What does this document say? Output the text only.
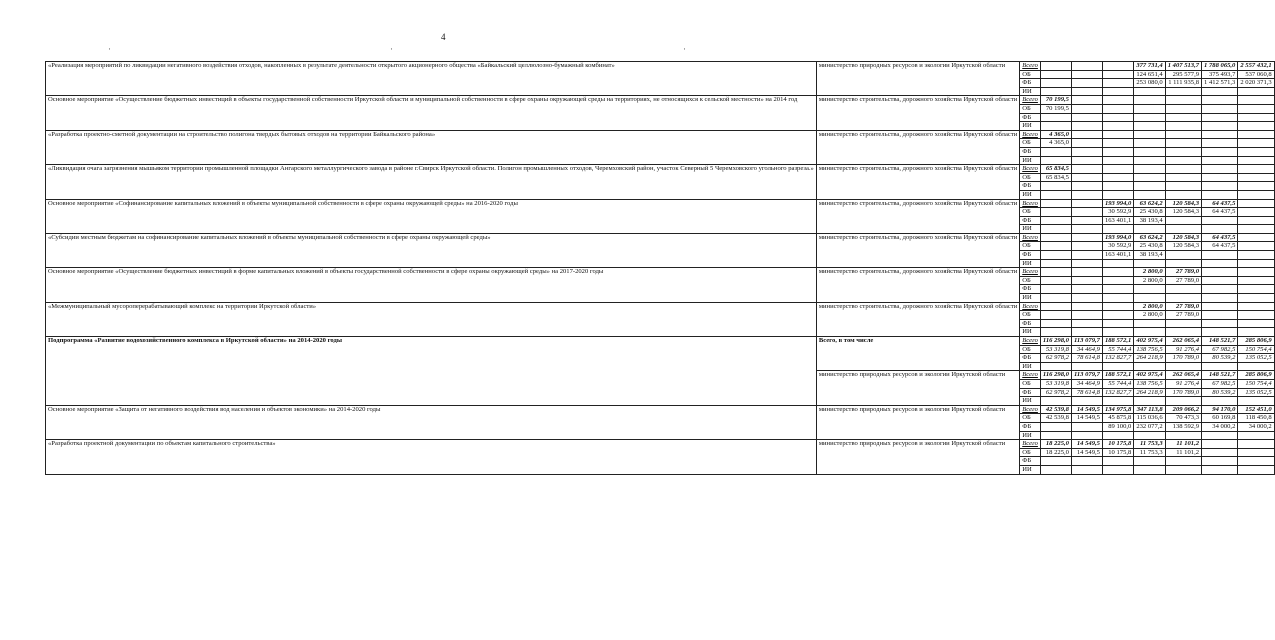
4
·	·	·
«Реализация мероприятий по ликвидации негативного воздействия отходов, накопленных в результате деятельности открытого акционерного общества «Байкальский целлюлозно-бумажный комбинат»	министерство природных ресурсов и экологии Иркутской области	Всего				377 731,4	1 407 513,7	1 788 065,0	2 557 432,1
		ОБ				124 651,4	295 577,9	375 493,7	537 060,8
		ФБ				253 080,0	1 111 935,8	1 412 571,3	2 020 371,3
		ИИ							
Основное мероприятие «Осуществление бюджетных инвестиций в объекты государственной собственности Иркутской области и муниципальной собственности в сфере охраны окружающей среды на территориях, не относящихся к сельской местности» на 2014 год	министерство строительства, дорожного хозяйства Иркутской области	Всего	70 199,5						
		ОБ	70 199,5						
		ФБ							
		ИИ							
«Разработка проектно-сметной документации на строительство полигона твердых бытовых отходов на территории Байкальского района»	министерство строительства, дорожного хозяйства Иркутской области	Всего	4 365,0						
		ОБ	4 365,0						
		ФБ							
		ИИ							
«Ликвидация очага загрязнения мышьяком территории промышленной площадки Ангарского металлургического завода в районе г.Свирск Иркутской области. Полигон промышленных отходов, Черемховский район, участок Северный 5 Черемховского угольного разреза.»	министерство строительства, дорожного хозяйства Иркутской области	Всего	65 834,5						
		ОБ	65 834,5						
		ФБ							
		ИИ							
Основное мероприятие «Софинансирование капитальных вложений в объекты муниципальной собственности в сфере охраны окружающей среды» на 2016-2020 годы	министерство строительства, дорожного хозяйства Иркутской области	Всего			193 994,0	63 624,2	120 584,3	64 437,5	
		ОБ			30 592,9	25 430,8	120 584,3	64 437,5	
		ФБ			163 401,1	38 193,4			
		ИИ							
«Субсидии местным бюджетам на софинансирование капитальных вложений в объекты муниципальной собственности в сфере охраны окружающей среды»	министерство строительства, дорожного хозяйства Иркутской области	Всего			193 994,0	63 624,2	120 584,3	64 437,5	
		ОБ			30 592,9	25 430,8	120 584,3	64 437,5	
		ФБ			163 401,1	38 193,4			
		ИИ							
Основное мероприятие «Осуществление бюджетных инвестиций в форме капитальных вложений в объекты государственной собственности в сфере охраны окружающей среды» на 2017-2020 годы	министерство строительства, дорожного хозяйства Иркутской области	Всего				2 800,0	27 789,0		
		ОБ				2 800,0	27 789,0		
		ФБ							
		ИИ							
«Межмуниципальный мусороперерабатывающий комплекс на территории Иркутской области»	министерство строительства, дорожного хозяйства Иркутской области	Всего				2 800,0	27 789,0		
		ОБ				2 800,0	27 789,0		
		ФБ							
		ИИ							
Подпрограмма «Развитие водохозяйственного комплекса в Иркутской области» на 2014-2020 годы	Всего, в том числе	Всего	116 298,0	113 079,7	188 572,1	402 975,4	262 065,4	148 521,7	285 806,9
		ОБ	53 319,8	34 464,9	55 744,4	138 756,5	91 276,4	67 982,5	150 754,4
		ФБ	62 978,2	78 614,8	132 827,7	264 218,9	170 789,0	80 539,2	135 052,5
		ИИ							
	министерство природных ресурсов и экологии Иркутской области	Всего	116 298,0	113 079,7	188 572,1	402 975,4	262 065,4	148 521,7	285 806,9
		ОБ	53 319,8	34 464,9	55 744,4	138 756,5	91 276,4	67 982,5	150 754,4
		ФБ	62 978,2	78 614,8	132 827,7	264 218,9	170 789,0	80 539,2	135 052,5
		ИИ							
Основное мероприятие «Защита от негативного воздействия вод населения и объектов экономики» на 2014-2020 годы	министерство природных ресурсов и экологии Иркутской области	Всего	42 539,8	14 549,5	134 975,8	347 113,8	209 066,2	94 170,0	152 451,0
		ОБ	42 539,8	14 549,5	45 875,8	115 036,6	70 473,3	60 169,8	118 450,8
		ФБ			89 100,0	232 077,2	138 592,9	34 000,2	34 000,2
		ИИ							
«Разработка проектной документации по объектам капитального строительства»	министерство природных ресурсов и экологии Иркутской области	Всего	18 225,0	14 549,5	10 175,8	11 753,3	11 101,2		
		ОБ	18 225,0	14 549,5	10 175,8	11 753,3	11 101,2		
		ФБ							
		ИИ							
